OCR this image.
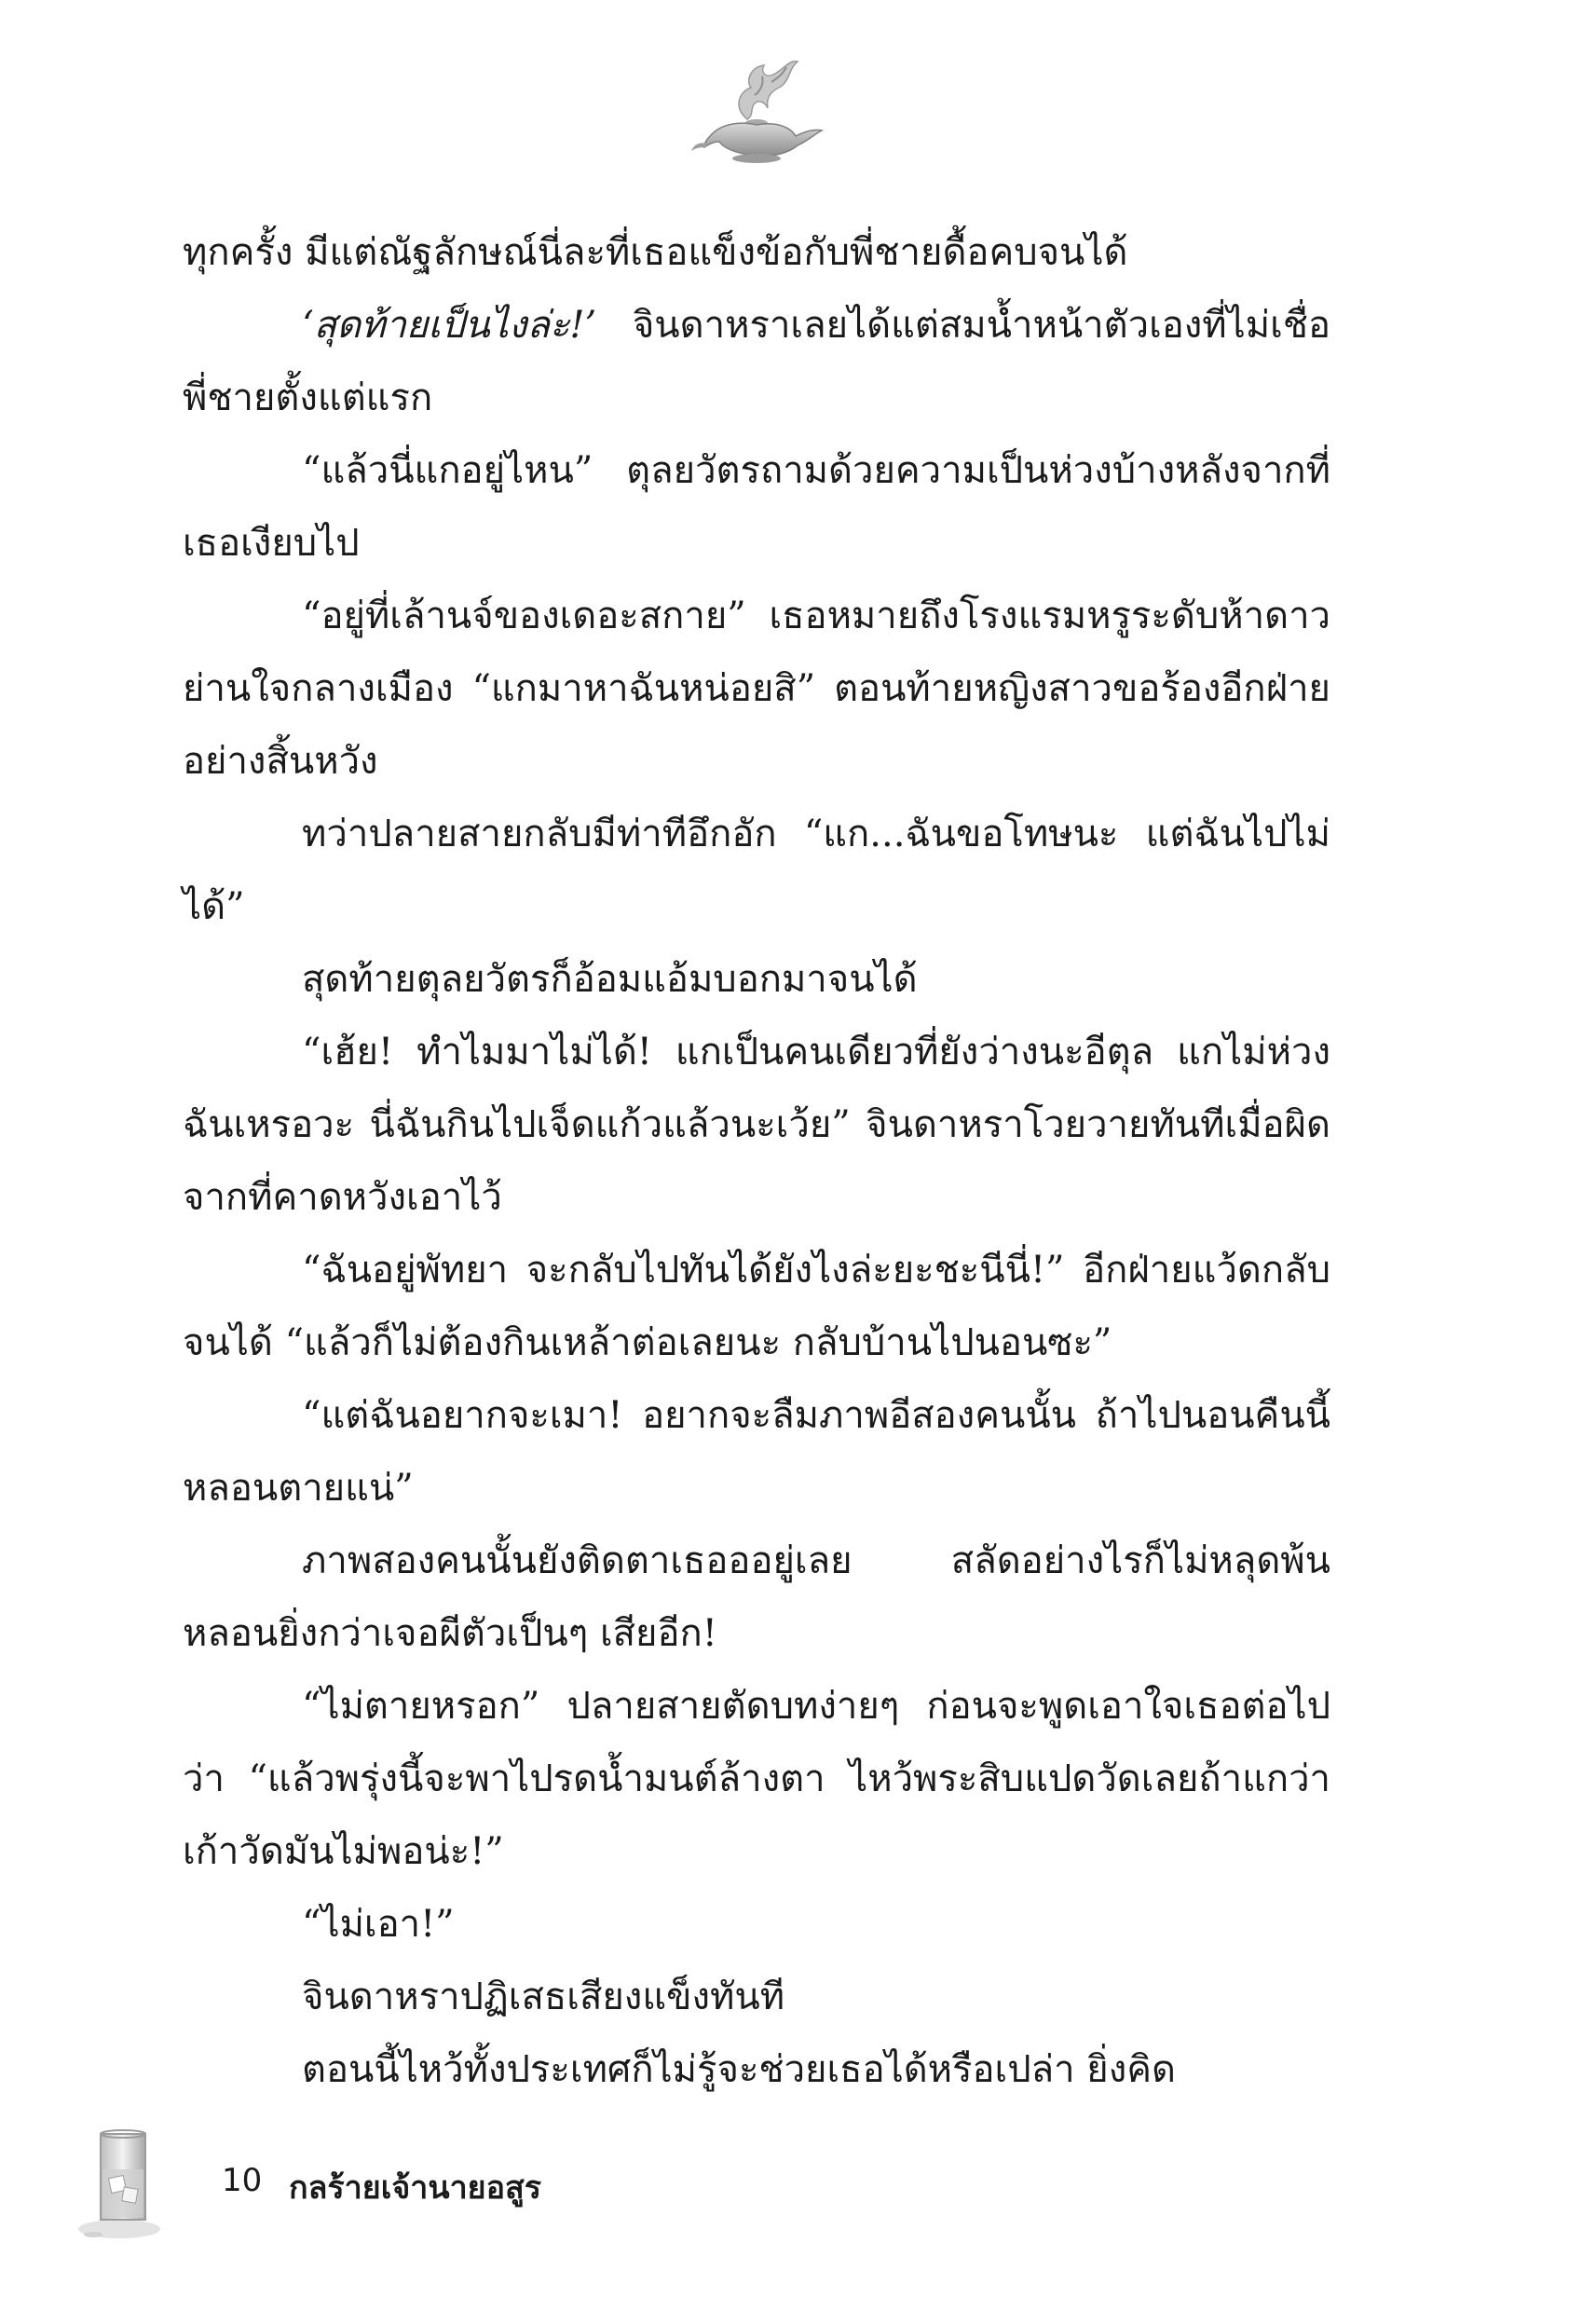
ทุกครั้ง มีแต่ณัฐลักษณ์นี่ละที่เธอแข็งข้อกับพี่ชายดื้อคบจนได้

‘สุดท้ายเป็นไงล่ะ!’ จินดาหราเลยได้แต่สมน้ำหน้าตัวเองที่ไม่เชื่อพี่ชายตั้งแต่แรก

“แล้วนี่แกอยู่ไหน” ตุลยวัตรถามด้วยความเป็นห่วงบ้างหลังจากที่เธอเงียบไป

“อยู่ที่เล้านจ์ของเดอะสกาย” เธอหมายถึงโรงแรมหรูระดับห้าดาวย่านใจกลางเมือง “แกมาหาฉันหน่อยสิ” ตอนท้ายหญิงสาวขอร้องอีกฝ่ายอย่างสิ้นหวัง

ทว่าปลายสายกลับมีท่าทีอึกอัก “แก...ฉันขอโทษนะ แต่ฉันไปไม่ได้”

สุดท้ายตุลยวัตรก็อ้อมแอ้มบอกมาจนได้

“เฮ้ย! ทำไมมาไม่ได้! แกเป็นคนเดียวที่ยังว่างนะอีตุล แกไม่ห่วงฉันเหรอวะ นี่ฉันกินไปเจ็ดแก้วแล้วนะเว้ย” จินดาหราโวยวายทันทีเมื่อผิดจากที่คาดหวังเอาไว้

“ฉันอยู่พัทยา จะกลับไปทันได้ยังไงล่ะยะชะนีนี่!” อีกฝ่ายแว้ดกลับจนได้ “แล้วก็ไม่ต้องกินเหล้าต่อเลยนะ กลับบ้านไปนอนซะ”

“แต่ฉันอยากจะเมา! อยากจะลืมภาพอีสองคนนั้น ถ้าไปนอนคืนนี้หลอนตายแน่”

ภาพสองคนนั้นยังติดตาเธอออยู่เลย สลัดอย่างไรก็ไม่หลุดพ้นหลอนยิ่งกว่าเจอผีตัวเป็นๆ เสียอีก!

“ไม่ตายหรอก” ปลายสายตัดบทง่ายๆ ก่อนจะพูดเอาใจเธอต่อไปว่า “แล้วพรุ่งนี้จะพาไปรดน้ำมนต์ล้างตา ไหว้พระสิบแปดวัดเลยถ้าแกว่าเก้าวัดมันไม่พอน่ะ!”

“ไม่เอา!”

จินดาหราปฏิเสธเสียงแข็งทันที

ตอนนี้ไหว้ทั้งประเทศก็ไม่รู้จะช่วยเธอได้หรือเปล่า ยิ่งคิด

10 กลร้ายเจ้านายอสูร
